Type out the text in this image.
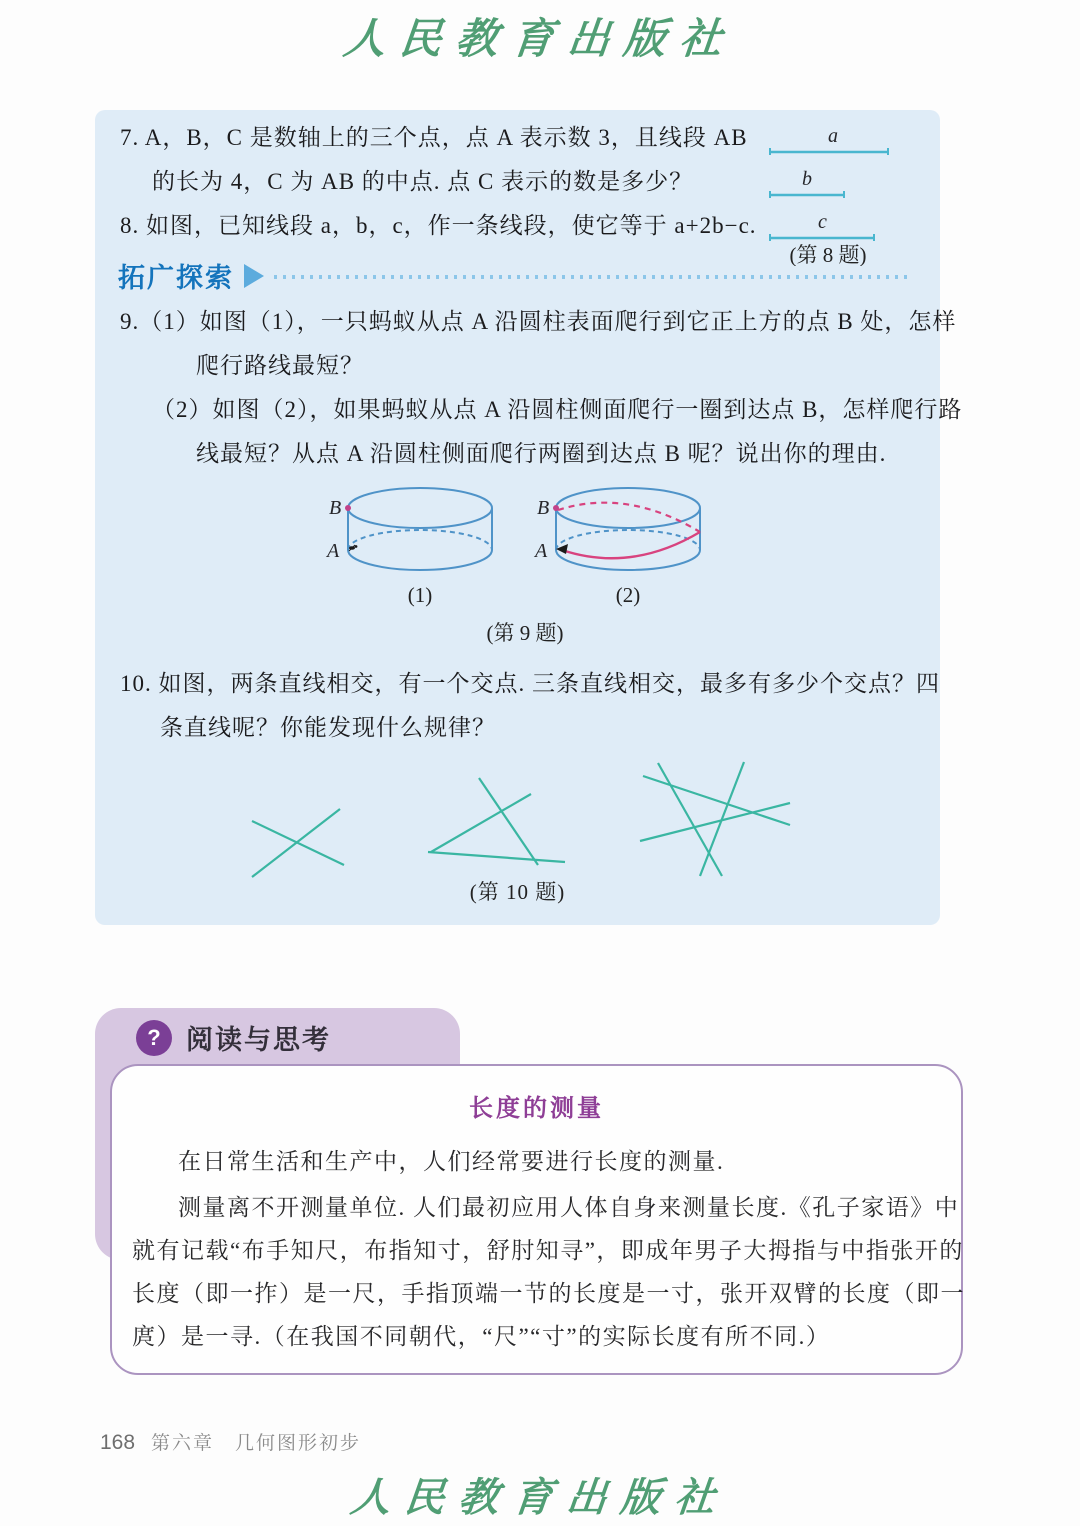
人民教育出版社
7. A，B，C 是数轴上的三个点，点 A 表示数 3，且线段 AB
的长为 4，C 为 AB 的中点. 点 C 表示的数是多少？
8. 如图，已知线段 a，b，c，作一条线段，使它等于 a+2b−c.
a
b
c
(第 8 题)
拓广探索
9.（1）如图（1），一只蚂蚁从点 A 沿圆柱表面爬行到它正上方的点 B 处，怎样
爬行路线最短？
（2）如图（2），如果蚂蚁从点 A 沿圆柱侧面爬行一圈到达点 B，怎样爬行路
线最短？从点 A 沿圆柱侧面爬行两圈到达点 B 呢？说出你的理由.
B
A
(1)
B
A
(2)
(第 9 题)
10. 如图，两条直线相交，有一个交点. 三条直线相交，最多有多少个交点？四
条直线呢？你能发现什么规律？
(第 10 题)
? 阅读与思考
长度的测量
在日常生活和生产中，人们经常要进行长度的测量.
测量离不开测量单位. 人们最初应用人体自身来测量长度.《孔子家语》中
就有记载“布手知尺，布指知寸，舒肘知寻”，即成年男子大拇指与中指张开的
长度（即一拃）是一尺，手指顶端一节的长度是一寸，张开双臂的长度（即一
庹）是一寻.（在我国不同朝代，“尺”“寸”的实际长度有所不同.）
168 第六章　几何图形初步
人民教育出版社
